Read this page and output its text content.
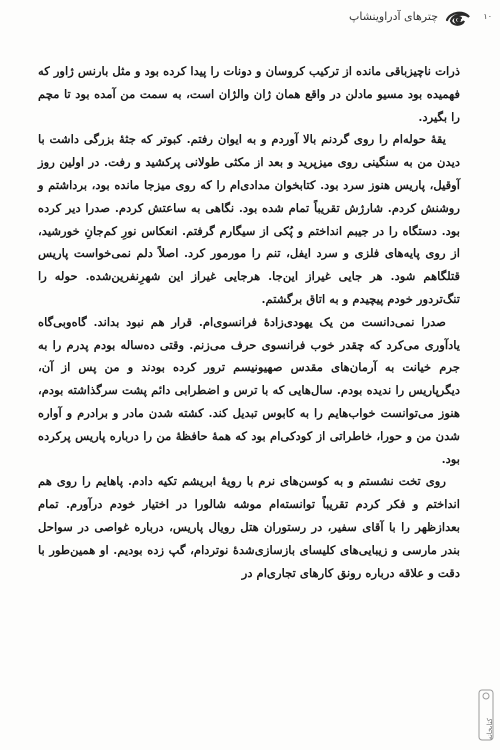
۱۰
چترهای آدراوینشاپ

ذرات ناچیزباقی مانده از ترکیب کروسان و دونات را پیدا کرده بود و مثل بارنس ژاور که فهمیده بود مسیو مادلن در واقع همان ژان والژان است، به سمت من آمده بود تا مچم را بگیرد.

یقهٔ حوله‌ام را روی گردنم بالا آوردم و به ایوان رفتم. کبوتر که جثهٔ بزرگی داشت با دیدن من به سنگینی روی میزپرید و بعد از مکثی طولانی پرکشید و رفت. در اولین روز آوقیل، پاریس هنوز سرد بود. کتابخوان مدادی‌ام را که روی میزجا مانده بود، برداشتم و روشنش کردم. شارژش تقریباً تمام شده بود. نگاهی به ساعتش کردم. صدرا دیر کرده بود. دستگاه را در جیبم انداختم و پُکی از سیگارم گرفتم. انعکاس نورِ کم‌جانِ خورشید، از روی پایه‌های فلزی و سرد ایفل، تنم را مورمور کرد. اصلاً دلم نمی‌خواست پاریس قتلگاهم شود. هر جایی غیراز این‌جا. هرجایی غیراز این شهرِنفرین‌شده. حوله را تنگ‌تردور خودم پیچیدم و به اتاق برگشتم.

صدرا نمی‌دانست من یک یهودی‌زادهٔ فرانسوی‌ام. قرار هم نبود بداند. گاه‌وبی‌گاه یادآوری می‌کرد که چقدر خوب فرانسوی حرف می‌زنم. وقتی ده‌ساله بودم پدرم را به جرم خیانت به آرمان‌های مقدس صهیونیسم ترور کرده بودند و من پس از آن، دیگرپاریس را ندیده بودم. سال‌هایی که با ترس و اضطرابی دائم پشت سرگذاشته بودم، هنوز می‌توانست خواب‌هایم را به کابوس تبدیل کند. کشته شدن مادر و برادرم و آواره شدن من و حورا، خاطراتی از کودکی‌ام بود که همهٔ حافظهٔ من را درباره پاریس پرکرده بود.

روی تخت نشستم و به کوسن‌های نرم با رویهٔ ابریشم تکیه دادم. پاهایم را روی هم انداختم و فکر کردم تقریباً توانسته‌ام موشه شالورا در اختیار خودم درآورم. تمام بعدازظهر را با آقای سفیر، در رستوران هتل رویال پاریس، درباره غواصی در سواحل بندر مارسی و زیبایی‌های کلیسای بازسازی‌شدهٔ نوتردام، گپ زده بودیم. او همین‌طور با دقت و علاقه درباره رونق کارهای تجاری‌ام در

کتابخانه
